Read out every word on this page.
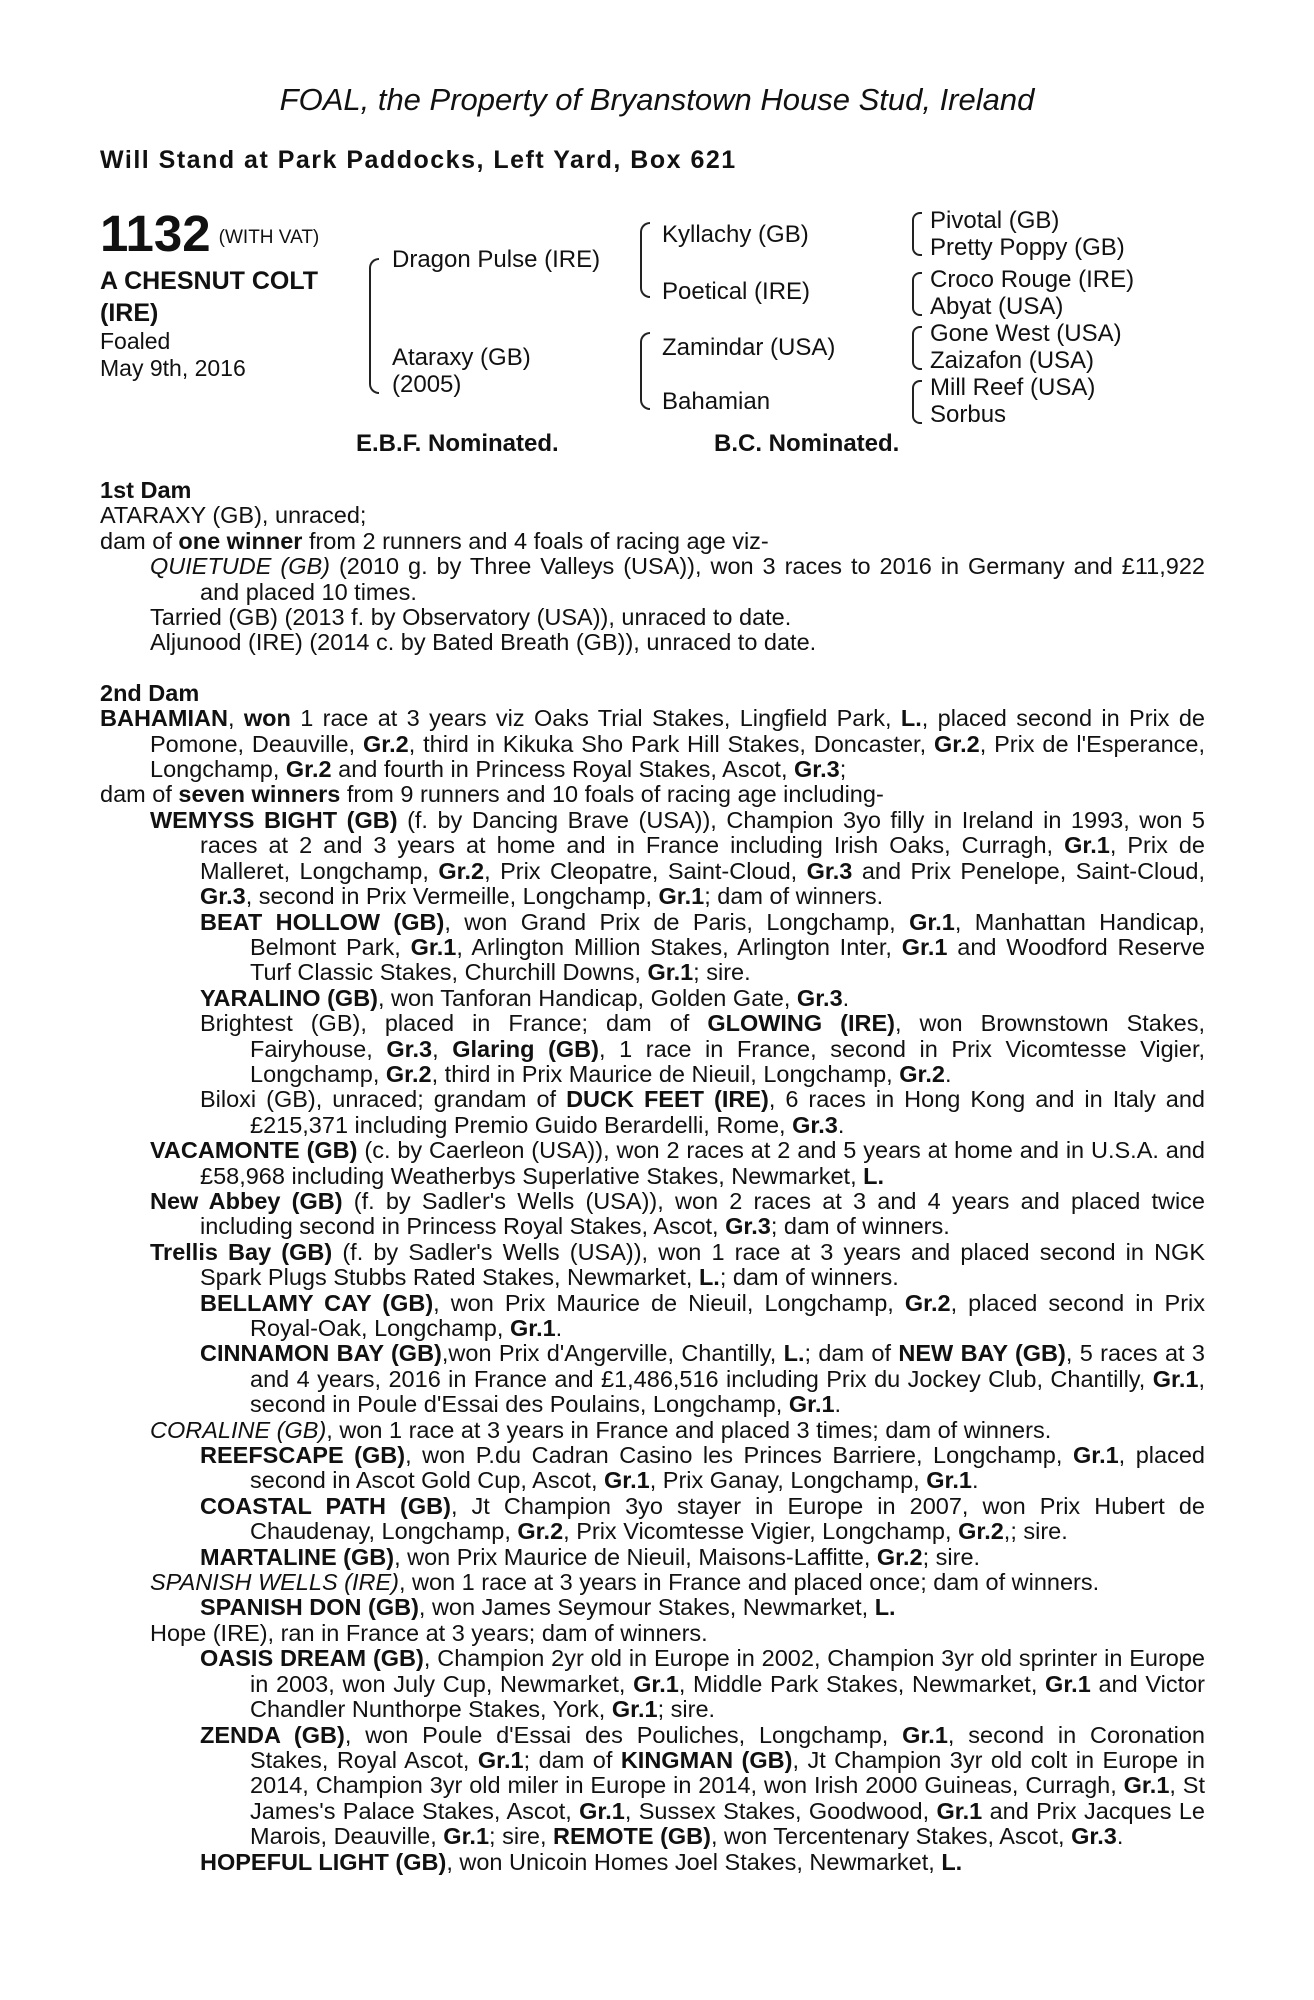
FOAL, the Property of Bryanstown House Stud, Ireland
Will Stand at Park Paddocks, Left Yard, Box 621
1132 (WITH VAT)
A CHESNUT COLT
(IRE)
Foaled
May 9th, 2016
Dragon Pulse (IRE)
Ataraxy (GB)
(2005)
Kyllachy (GB)
Poetical (IRE)
Zamindar (USA)
Bahamian
Pivotal (GB)
Pretty Poppy (GB)
Croco Rouge (IRE)
Abyat (USA)
Gone West (USA)
Zaizafon (USA)
Mill Reef (USA)
Sorbus
E.B.F. Nominated.	B.C. Nominated.
1st Dam
ATARAXY (GB), unraced;
dam of one winner from 2 runners and 4 foals of racing age viz-
QUIETUDE (GB) (2010 g. by Three Valleys (USA)), won 3 races to 2016 in Germany and £11,922 and placed 10 times.
Tarried (GB) (2013 f. by Observatory (USA)), unraced to date.
Aljunood (IRE) (2014 c. by Bated Breath (GB)), unraced to date.
2nd Dam
BAHAMIAN, won 1 race at 3 years viz Oaks Trial Stakes, Lingfield Park, L., placed second in Prix de Pomone, Deauville, Gr.2, third in Kikuka Sho Park Hill Stakes, Doncaster, Gr.2, Prix de l'Esperance, Longchamp, Gr.2 and fourth in Princess Royal Stakes, Ascot, Gr.3;
dam of seven winners from 9 runners and 10 foals of racing age including-
WEMYSS BIGHT (GB) (f. by Dancing Brave (USA)), Champion 3yo filly in Ireland in 1993, won 5 races at 2 and 3 years at home and in France including Irish Oaks, Curragh, Gr.1, Prix de Malleret, Longchamp, Gr.2, Prix Cleopatre, Saint-Cloud, Gr.3 and Prix Penelope, Saint-Cloud, Gr.3, second in Prix Vermeille, Longchamp, Gr.1; dam of winners.
BEAT HOLLOW (GB), won Grand Prix de Paris, Longchamp, Gr.1, Manhattan Handicap, Belmont Park, Gr.1, Arlington Million Stakes, Arlington Inter, Gr.1 and Woodford Reserve Turf Classic Stakes, Churchill Downs, Gr.1; sire.
YARALINO (GB), won Tanforan Handicap, Golden Gate, Gr.3.
Brightest (GB), placed in France; dam of GLOWING (IRE), won Brownstown Stakes, Fairyhouse, Gr.3, Glaring (GB), 1 race in France, second in Prix Vicomtesse Vigier, Longchamp, Gr.2, third in Prix Maurice de Nieuil, Longchamp, Gr.2.
Biloxi (GB), unraced; grandam of DUCK FEET (IRE), 6 races in Hong Kong and in Italy and £215,371 including Premio Guido Berardelli, Rome, Gr.3.
VACAMONTE (GB) (c. by Caerleon (USA)), won 2 races at 2 and 5 years at home and in U.S.A. and £58,968 including Weatherbys Superlative Stakes, Newmarket, L.
New Abbey (GB) (f. by Sadler's Wells (USA)), won 2 races at 3 and 4 years and placed twice including second in Princess Royal Stakes, Ascot, Gr.3; dam of winners.
Trellis Bay (GB) (f. by Sadler's Wells (USA)), won 1 race at 3 years and placed second in NGK Spark Plugs Stubbs Rated Stakes, Newmarket, L.; dam of winners.
BELLAMY CAY (GB), won Prix Maurice de Nieuil, Longchamp, Gr.2, placed second in Prix Royal-Oak, Longchamp, Gr.1.
CINNAMON BAY (GB),won Prix d'Angerville, Chantilly, L.; dam of NEW BAY (GB), 5 races at 3 and 4 years, 2016 in France and £1,486,516 including Prix du Jockey Club, Chantilly, Gr.1, second in Poule d'Essai des Poulains, Longchamp, Gr.1.
CORALINE (GB), won 1 race at 3 years in France and placed 3 times; dam of winners.
REEFSCAPE (GB), won P.du Cadran Casino les Princes Barriere, Longchamp, Gr.1, placed second in Ascot Gold Cup, Ascot, Gr.1, Prix Ganay, Longchamp, Gr.1.
COASTAL PATH (GB), Jt Champion 3yo stayer in Europe in 2007, won Prix Hubert de Chaudenay, Longchamp, Gr.2, Prix Vicomtesse Vigier, Longchamp, Gr.2,; sire.
MARTALINE (GB), won Prix Maurice de Nieuil, Maisons-Laffitte, Gr.2; sire.
SPANISH WELLS (IRE), won 1 race at 3 years in France and placed once; dam of winners.
SPANISH DON (GB), won James Seymour Stakes, Newmarket, L.
Hope (IRE), ran in France at 3 years; dam of winners.
OASIS DREAM (GB), Champion 2yr old in Europe in 2002, Champion 3yr old sprinter in Europe in 2003, won July Cup, Newmarket, Gr.1, Middle Park Stakes, Newmarket, Gr.1 and Victor Chandler Nunthorpe Stakes, York, Gr.1; sire.
ZENDA (GB), won Poule d'Essai des Pouliches, Longchamp, Gr.1, second in Coronation Stakes, Royal Ascot, Gr.1; dam of KINGMAN (GB), Jt Champion 3yr old colt in Europe in 2014, Champion 3yr old miler in Europe in 2014, won Irish 2000 Guineas, Curragh, Gr.1, St James's Palace Stakes, Ascot, Gr.1, Sussex Stakes, Goodwood, Gr.1 and Prix Jacques Le Marois, Deauville, Gr.1; sire, REMOTE (GB), won Tercentenary Stakes, Ascot, Gr.3.
HOPEFUL LIGHT (GB), won Unicoin Homes Joel Stakes, Newmarket, L.
